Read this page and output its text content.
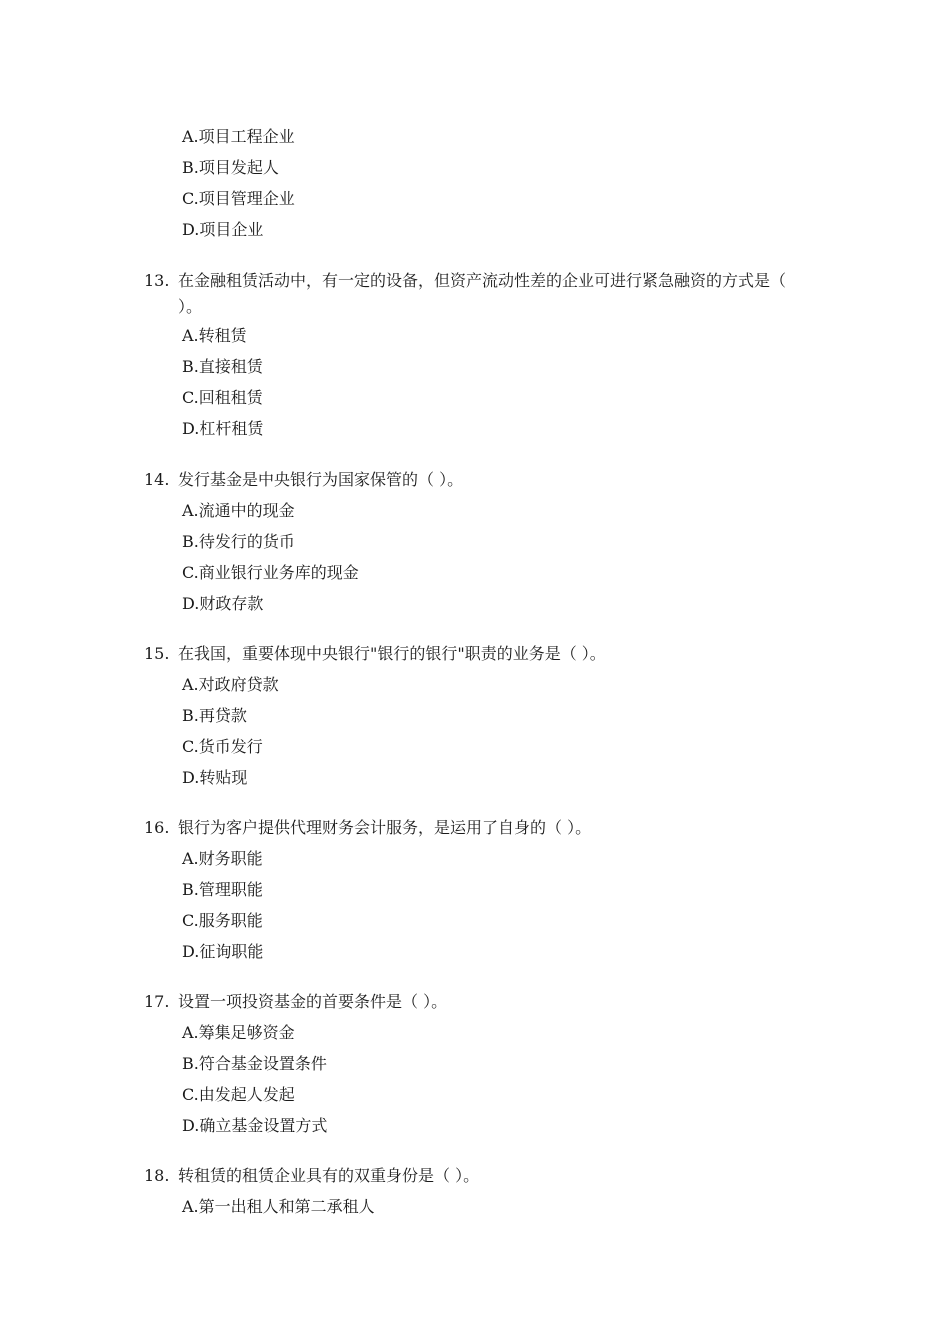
A.项目工程企业
B.项目发起人
C.项目管理企业
D.项目企业
13. 在金融租赁活动中，有一定的设备，但资产流动性差的企业可进行紧急融资的方式是（ ）。
A.转租赁
B.直接租赁
C.回租租赁
D.杠杆租赁
14. 发行基金是中央银行为国家保管的（ ）。
A.流通中的现金
B.待发行的货币
C.商业银行业务库的现金
D.财政存款
15. 在我国，重要体现中央银行"银行的银行"职责的业务是（ ）。
A.对政府贷款
B.再贷款
C.货币发行
D.转贴现
16. 银行为客户提供代理财务会计服务，是运用了自身的（ ）。
A.财务职能
B.管理职能
C.服务职能
D.征询职能
17. 设置一项投资基金的首要条件是（ ）。
A.筹集足够资金
B.符合基金设置条件
C.由发起人发起
D.确立基金设置方式
18. 转租赁的租赁企业具有的双重身份是（ ）。
A.第一出租人和第二承租人
